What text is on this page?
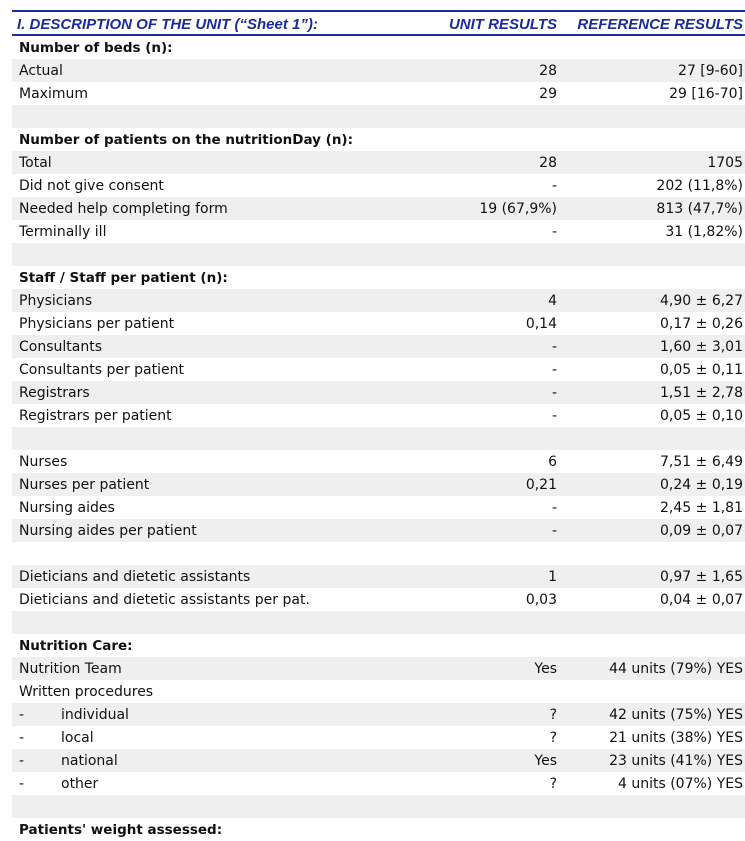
I. DESCRIPTION OF THE UNIT (“Sheet 1”):	UNIT RESULTS	REFERENCE RESULTS
Number of beds (n):
Actual	28	27 [9-60]
Maximum	29	29 [16-70]
Number of patients on the nutritionDay (n):
Total	28	1705
Did not give consent	-	202 (11,8%)
Needed help completing form	19 (67,9%)	813 (47,7%)
Terminally ill	-	31 (1,82%)
Staff / Staff per patient (n):
Physicians	4	4,90 ± 6,27
Physicians per patient	0,14	0,17 ± 0,26
Consultants	-	1,60 ± 3,01
Consultants per patient	-	0,05 ± 0,11
Registrars	-	1,51 ± 2,78
Registrars per patient	-	0,05 ± 0,10
Nurses	6	7,51 ± 6,49
Nurses per patient	0,21	0,24 ± 0,19
Nursing aides	-	2,45 ± 1,81
Nursing aides per patient	-	0,09 ± 0,07
Dieticians and dietetic assistants	1	0,97 ± 1,65
Dieticians and dietetic assistants per pat.	0,03	0,04 ± 0,07
Nutrition Care:
Nutrition Team	Yes	44 units (79%) YES
Written procedures
-	individual	?	42 units (75%) YES
-	local	?	21 units (38%) YES
-	national	Yes	23 units (41%) YES
-	other	?	4 units (07%) YES
Patients' weight assessed:
